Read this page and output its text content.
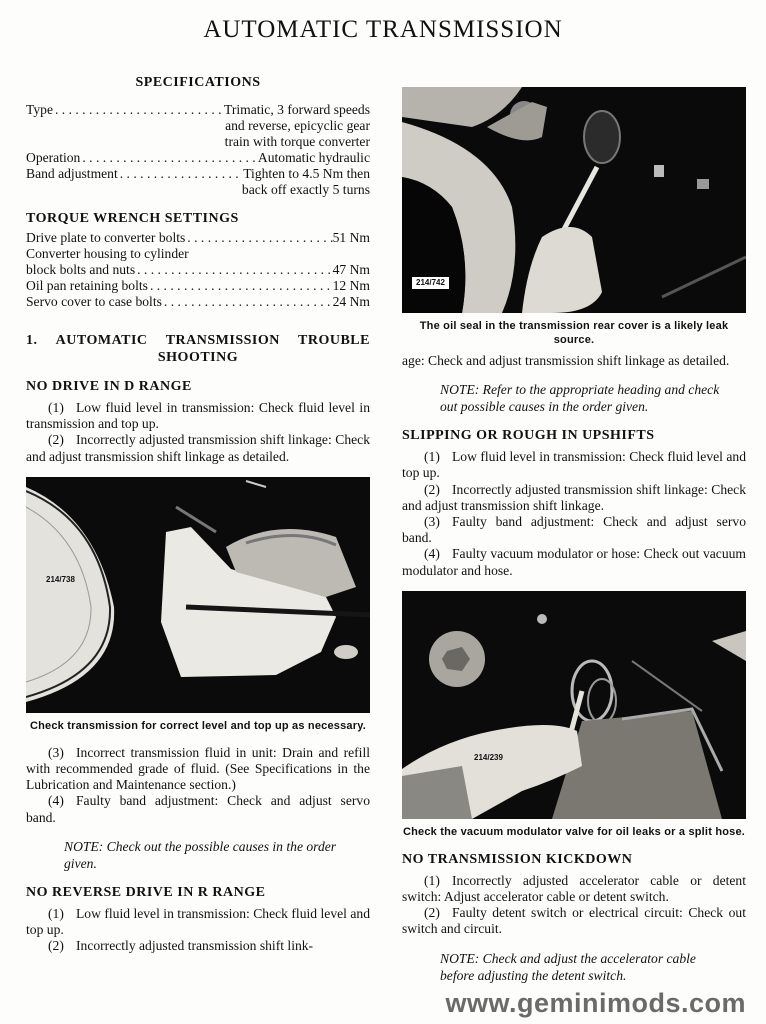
AUTOMATIC TRANSMISSION
SPECIFICATIONS
Type . . .	Trimatic, 3 forward speeds
and reverse, epicyclic gear
train with torque converter
Operation . . .	Automatic hydraulic
Band adjustment . . .	Tighten to 4.5 Nm then
back off exactly 5 turns
TORQUE WRENCH SETTINGS
Drive plate to converter bolts . . .	51 Nm
Converter housing to cylinder
block bolts and nuts . . .	47 Nm
Oil pan retaining bolts . . .	12 Nm
Servo cover to case bolts . . .	24 Nm
1. AUTOMATIC TRANSMISSION TROUBLE
SHOOTING
NO DRIVE IN D RANGE

(1) Low fluid level in transmission: Check fluid level in transmission and top up.

(2) Incorrectly adjusted transmission shift linkage: Check and adjust transmission shift linkage as detailed.

214/738
Check transmission for correct level and top up as necessary.

(3) Incorrect transmission fluid in unit: Drain and refill with recommended grade of fluid. (See Specifications in the Lubrication and Maintenance section.)

(4) Faulty band adjustment: Check and adjust servo band.

NOTE: Check out the possible causes in the order given.

NO REVERSE DRIVE IN R RANGE

(1) Low fluid level in transmission: Check fluid level and top up.

(2) Incorrectly adjusted transmission shift link-

214/742
The oil seal in the transmission rear cover is a likely leak source.

age: Check and adjust transmission shift linkage as detailed.

NOTE: Refer to the appropriate heading and check out possible causes in the order given.

SLIPPING OR ROUGH IN UPSHIFTS

(1) Low fluid level in transmission: Check fluid level and top up.

(2) Incorrectly adjusted transmission shift linkage: Check and adjust transmission shift linkage.

(3) Faulty band adjustment: Check and adjust servo band.

(4) Faulty vacuum modulator or hose: Check out vacuum modulator and hose.

214/239
Check the vacuum modulator valve for oil leaks or a split hose.
NO TRANSMISSION KICKDOWN

(1) Incorrectly adjusted accelerator cable or detent switch: Adjust accelerator cable or detent switch.

(2) Faulty detent switch or electrical circuit: Check out switch and circuit.

NOTE: Check and adjust the accelerator cable before adjusting the detent switch.

www.geminimods.com
